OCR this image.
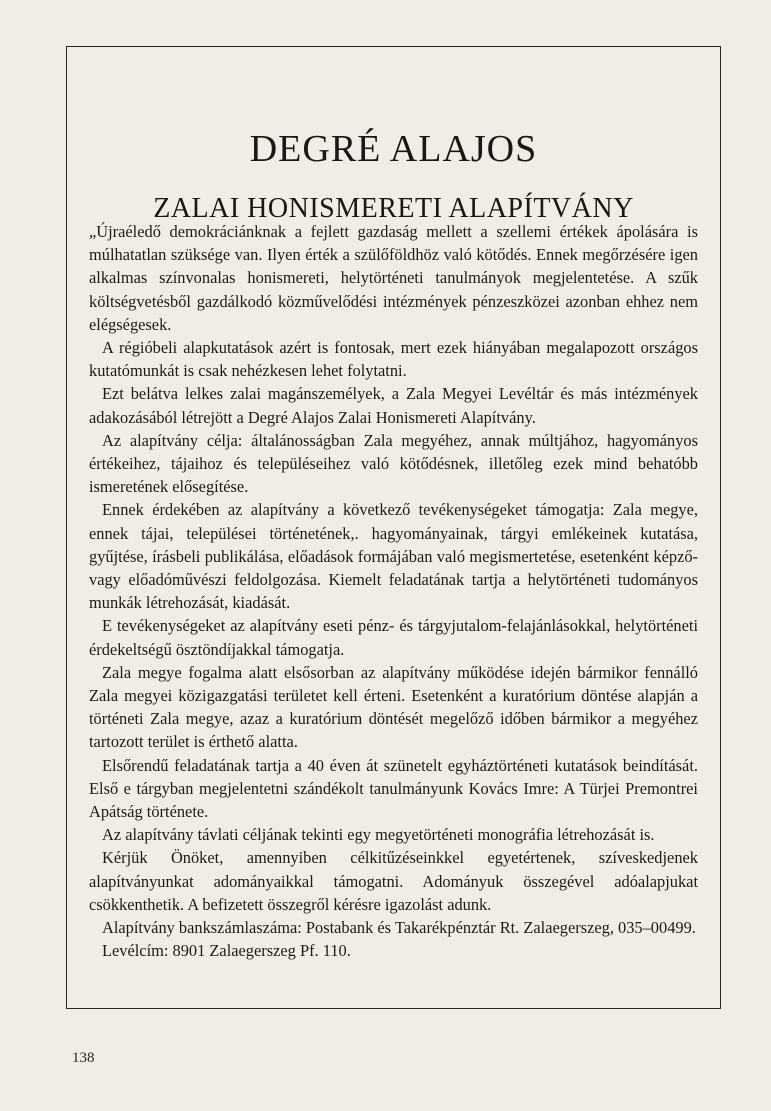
DEGRÉ ALAJOS
ZALAI HONISMERETI ALAPÍTVÁNY

„Újraéledő demokráciánknak a fejlett gazdaság mellett a szellemi értékek ápolására is múlhatatlan szüksége van. Ilyen érték a szülőföldhöz való kötődés. Ennek megőrzésére igen alkalmas színvonalas honismereti, helytörténeti tanulmányok megjelentetése. A szűk költségvetésből gazdálkodó közművelődési intézmények pénzeszközei azonban ehhez nem elégségesek.

A régióbeli alapkutatások azért is fontosak, mert ezek hiányában megalapozott országos kutatómunkát is csak nehézkesen lehet folytatni.

Ezt belátva lelkes zalai magánszemélyek, a Zala Megyei Levéltár és más intézmények adakozásából létrejött a Degré Alajos Zalai Honismereti Alapítvány.

Az alapítvány célja: általánosságban Zala megyéhez, annak múltjához, hagyományos értékeihez, tájaihoz és településeihez való kötődésnek, illetőleg ezek mind behatóbb ismeretének elősegítése.

Ennek érdekében az alapítvány a következő tevékenységeket támogatja: Zala megye, ennek tájai, települései történetének,. hagyományainak, tárgyi emlékeinek kutatása, gyűjtése, írásbeli publikálása, előadások formájában való megismertetése, esetenként képző- vagy előadóművészi feldolgozása. Kiemelt feladatának tartja a helytörténeti tudományos munkák létrehozását, kiadását.

E tevékenységeket az alapítvány eseti pénz- és tárgyjutalom-felajánlásokkal, helytörténeti érdekeltségű ösztöndíjakkal támogatja.

Zala megye fogalma alatt elsősorban az alapítvány működése idején bármikor fennálló Zala megyei közigazgatási területet kell érteni. Esetenként a kuratórium döntése alapján a történeti Zala megye, azaz a kuratórium döntését megelőző időben bármikor a megyéhez tartozott terület is érthető alatta.

Elsőrendű feladatának tartja a 40 éven át szünetelt egyháztörténeti kutatások beindítását. Első e tárgyban megjelentetni szándékolt tanulmányunk Kovács Imre: A Türjei Premontrei Apátság története.

Az alapítvány távlati céljának tekinti egy megyetörténeti monográfia létrehozását is.

Kérjük Önöket, amennyiben célkitűzéseinkkel egyetértenek, szíveskedjenek alapítványunkat adományaikkal támogatni. Adományuk összegével adóalapjukat csökkenthetik. A befizetett összegről kérésre igazolást adunk.

Alapítvány bankszámlaszáma: Postabank és Takarékpénztár Rt. Zalaegerszeg, 035–00499.

Levélcím: 8901 Zalaegerszeg Pf. 110.

138
